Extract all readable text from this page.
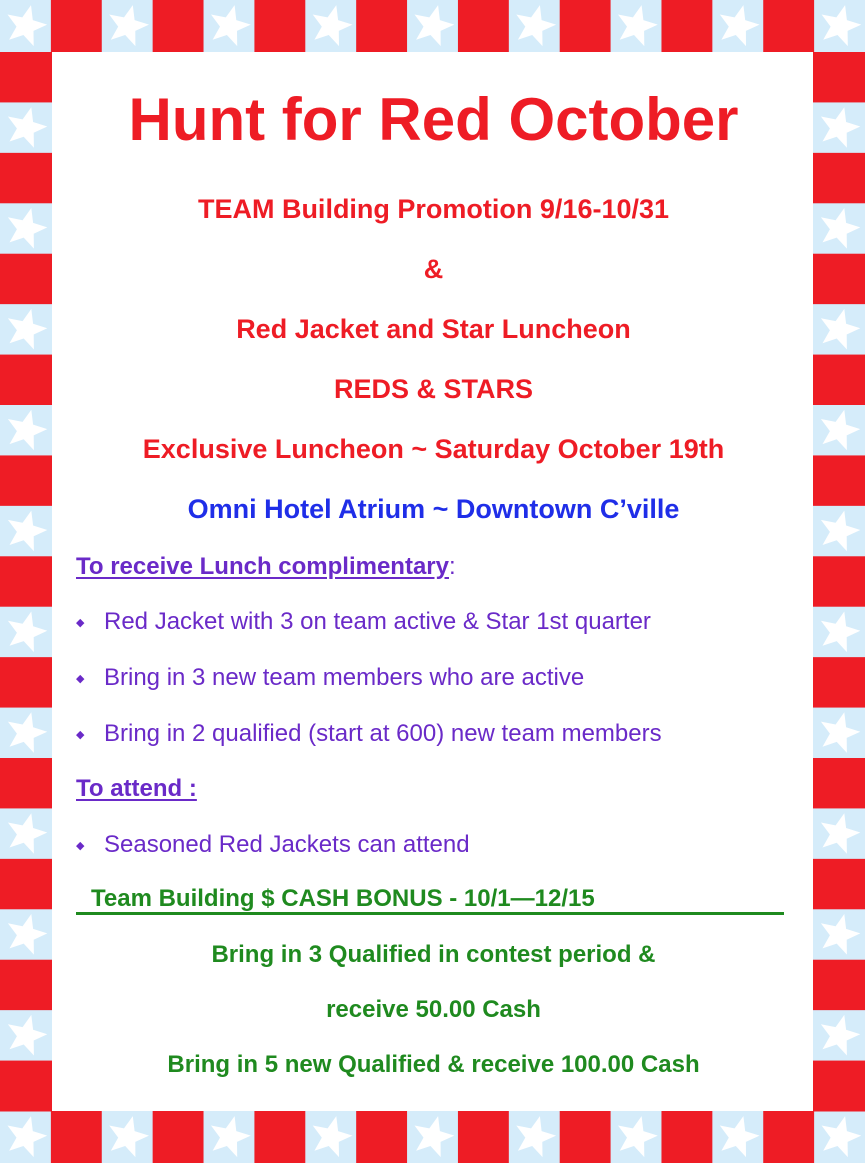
Hunt for Red October
TEAM Building Promotion 9/16-10/31
&
Red Jacket and Star Luncheon
REDS & STARS
Exclusive Luncheon ~ Saturday October 19th
Omni Hotel Atrium ~ Downtown C’ville
To receive Lunch complimentary:
◆ Red Jacket with 3 on team active & Star 1st quarter
◆ Bring in 3 new team members who are active
◆ Bring in 2 qualified (start at 600) new team members
To attend :
◆ Seasoned Red Jackets can attend
Team Building $ CASH BONUS - 10/1—12/15
Bring in 3 Qualified in contest period &
receive 50.00 Cash
Bring in 5 new Qualified & receive 100.00 Cash
